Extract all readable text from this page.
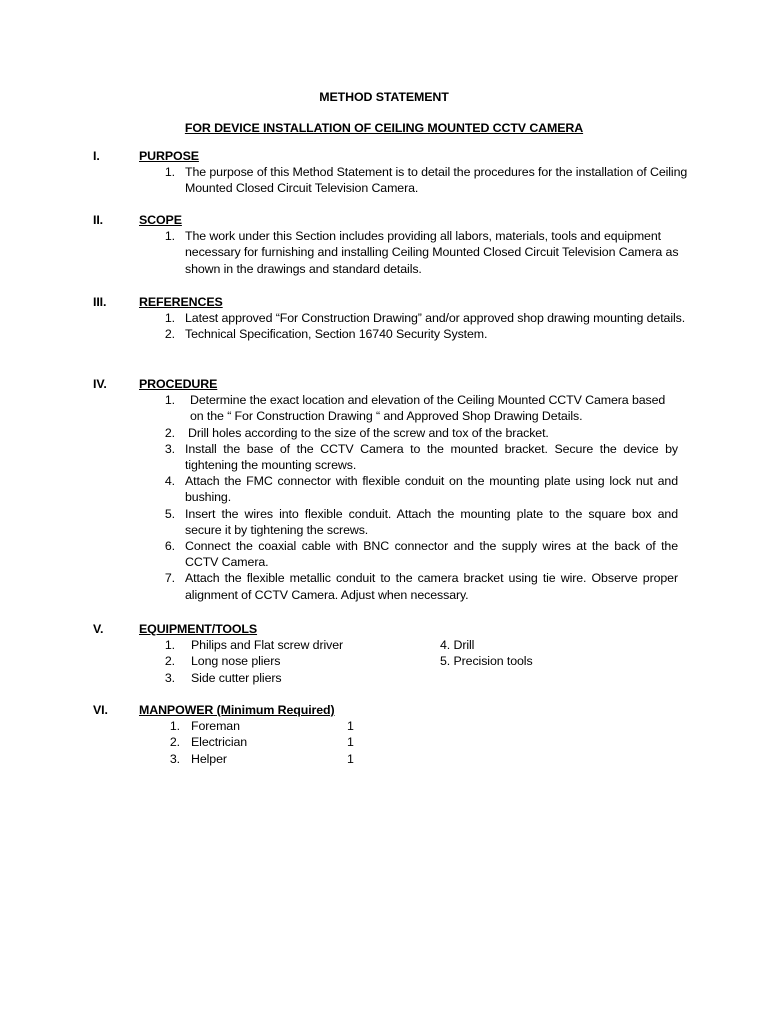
METHOD STATEMENT
FOR DEVICE INSTALLATION OF CEILING MOUNTED CCTV CAMERA
I.	PURPOSE
1. The purpose of this Method Statement is to detail the procedures for the installation of Ceiling Mounted Closed Circuit Television Camera.
II.	SCOPE
1. The work under this Section includes providing all labors, materials, tools and equipment necessary for furnishing and installing Ceiling Mounted Closed Circuit Television Camera as shown in the drawings and standard details.
III.	REFERENCES
1. Latest approved “For Construction Drawing” and/or approved shop drawing mounting details.
2. Technical Specification, Section 16740 Security System.
IV.	PROCEDURE
1. Determine the exact location and elevation of the Ceiling Mounted CCTV Camera based on the “ For Construction Drawing “ and Approved Shop Drawing Details.
2. Drill holes according to the size of the screw and tox of the bracket.
3. Install the base of the CCTV Camera to the mounted bracket. Secure the device by tightening the mounting screws.
4. Attach the FMC connector with flexible conduit on the mounting plate using lock nut and bushing.
5. Insert the wires into flexible conduit. Attach the mounting plate to the square box and secure it by tightening the screws.
6. Connect the coaxial cable with BNC connector and the supply wires at the back of the CCTV Camera.
7. Attach the flexible metallic conduit to the camera bracket using tie wire. Observe proper alignment of CCTV Camera. Adjust when necessary.
V.	EQUIPMENT/TOOLS
1. Philips and Flat screw driver	4. Drill
2. Long nose pliers	5. Precision tools
3. Side cutter pliers
VI.	MANPOWER (Minimum Required)
1. Foreman	1
2. Electrician	1
3. Helper	1
